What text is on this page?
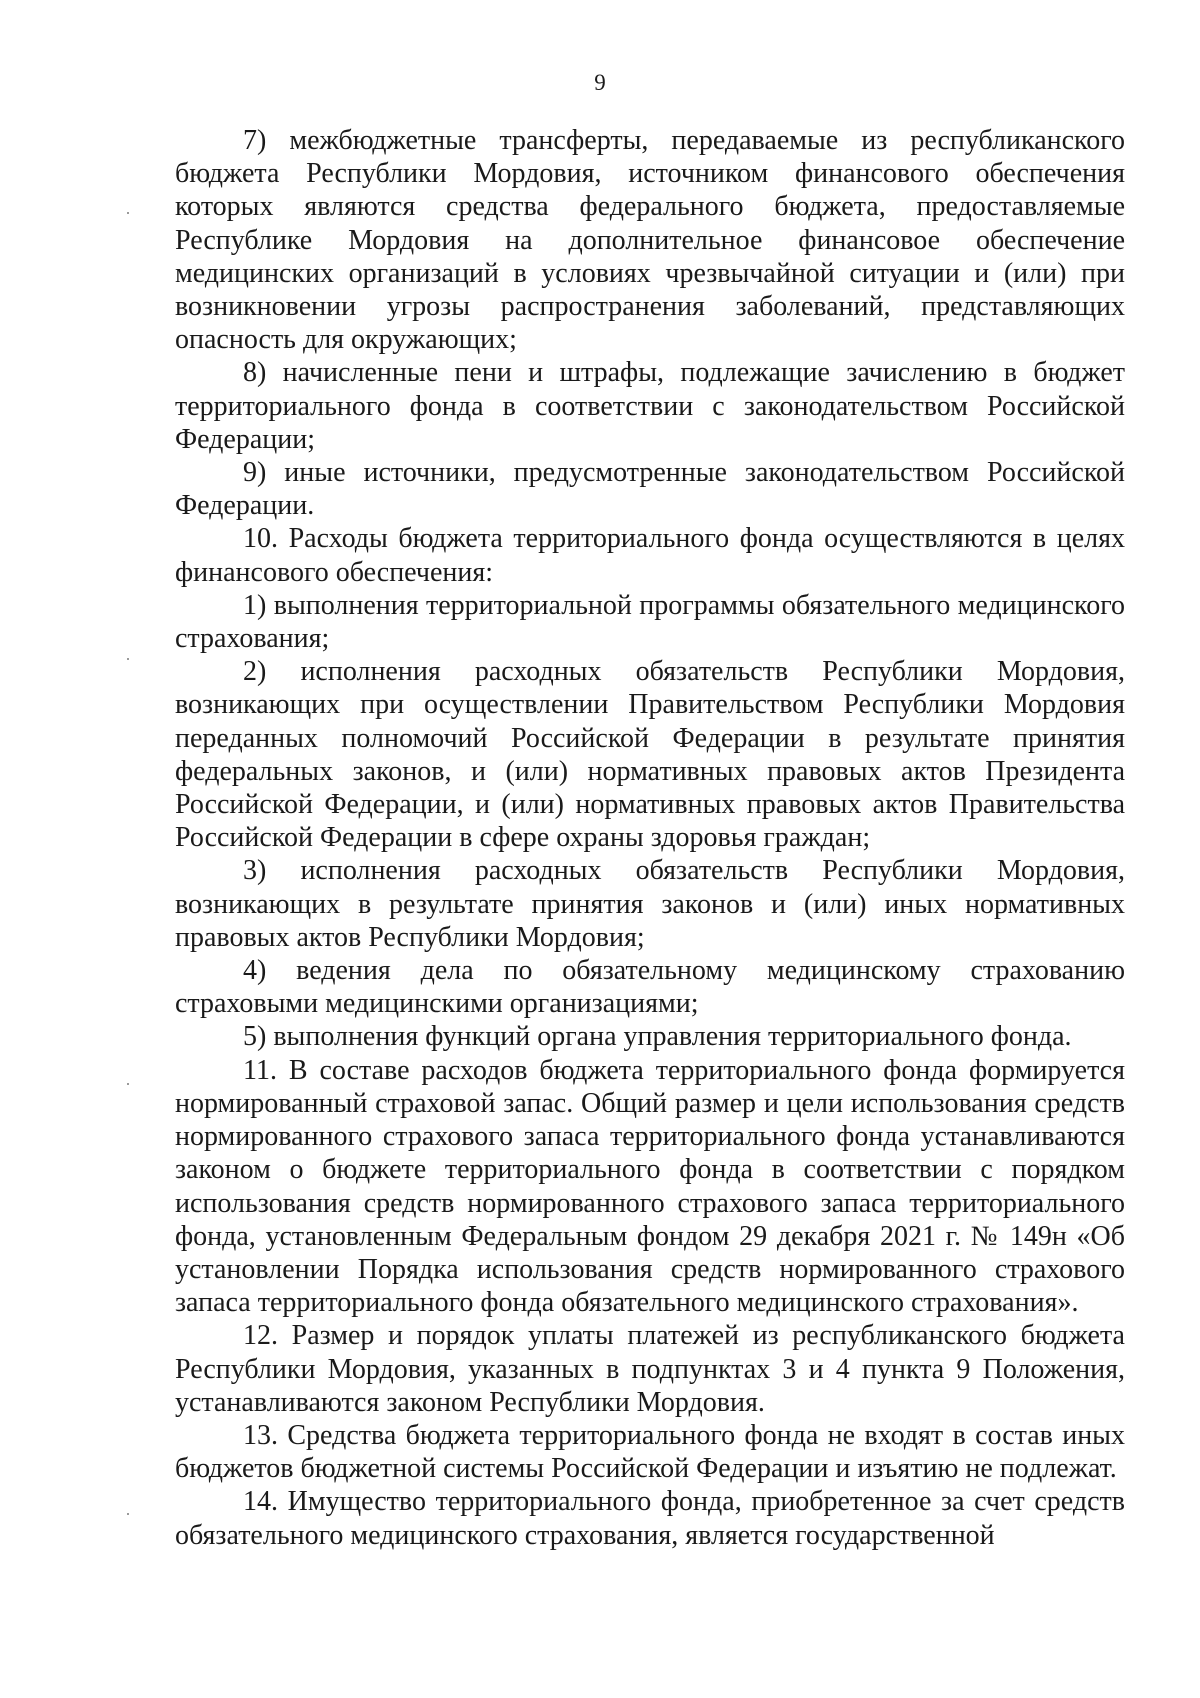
9

7) межбюджетные трансферты, передаваемые из республиканского бюджета Республики Мордовия, источником финансового обеспечения которых являются средства федерального бюджета, предоставляемые Республике Мордовия на дополнительное финансовое обеспечение медицинских организаций в условиях чрезвычайной ситуации и (или) при возникновении угрозы распространения заболеваний, представляющих опасность для окружающих;

8) начисленные пени и штрафы, подлежащие зачислению в бюджет территориального фонда в соответствии с законодательством Российской Федерации;

9) иные источники, предусмотренные законодательством Российской Федерации.

10. Расходы бюджета территориального фонда осуществляются в целях финансового обеспечения:

1) выполнения территориальной программы обязательного медицинского страхования;

2) исполнения расходных обязательств Республики Мордовия, возникающих при осуществлении Правительством Республики Мордовия переданных полномочий Российской Федерации в результате принятия федеральных законов, и (или) нормативных правовых актов Президента Российской Федерации, и (или) нормативных правовых актов Правительства Российской Федерации в сфере охраны здоровья граждан;

3) исполнения расходных обязательств Республики Мордовия, возникающих в результате принятия законов и (или) иных нормативных правовых актов Республики Мордовия;

4) ведения дела по обязательному медицинскому страхованию страховыми медицинскими организациями;

5) выполнения функций органа управления территориального фонда.

11. В составе расходов бюджета территориального фонда формируется нормированный страховой запас. Общий размер и цели использования средств нормированного страхового запаса территориального фонда устанавливаются законом о бюджете территориального фонда в соответствии с порядком использования средств нормированного страхового запаса территориального фонда, установленным Федеральным фондом 29 декабря 2021 г. № 149н «Об установлении Порядка использования средств нормированного страхового запаса территориального фонда обязательного медицинского страхования».

12. Размер и порядок уплаты платежей из республиканского бюджета Республики Мордовия, указанных в подпунктах 3 и 4 пункта 9 Положения, устанавливаются законом Республики Мордовия.

13. Средства бюджета территориального фонда не входят в состав иных бюджетов бюджетной системы Российской Федерации и изъятию не подлежат.

14. Имущество территориального фонда, приобретенное за счет средств обязательного медицинского страхования, является государственной
